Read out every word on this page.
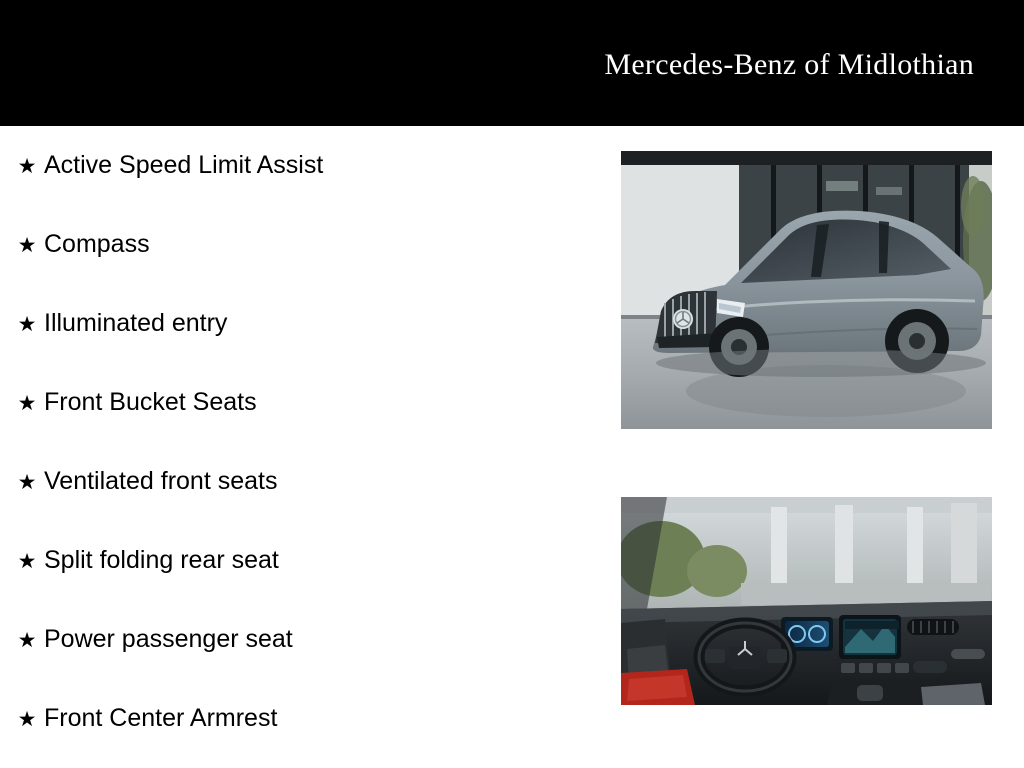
Mercedes-Benz of Midlothian
★ Active Speed Limit Assist
★ Compass
★ Illuminated entry
★ Front Bucket Seats
★ Ventilated front seats
★ Split folding rear seat
★ Power passenger seat
★ Front Center Armrest
